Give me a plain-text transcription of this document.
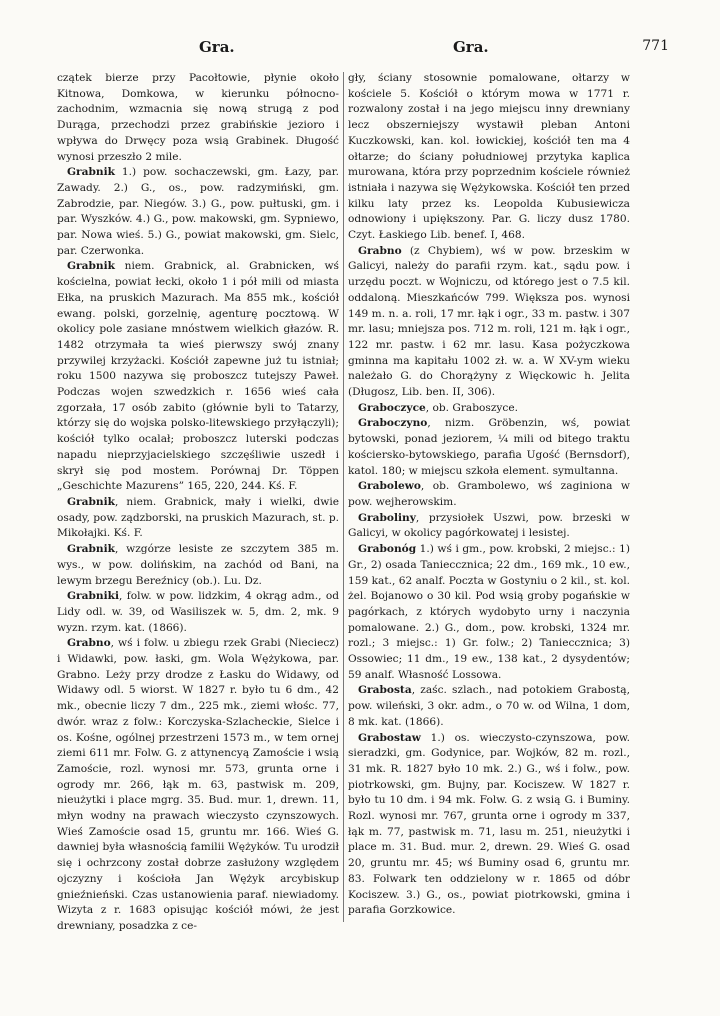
Gra.	Gra.	771

czątek bierze przy Pacołtowie, płynie około Kitnowa, Domkowa, w kierunku północno-zachodnim, wzmacnia się nową strugą z pod Durąga, przechodzi przez grabińskie jezioro i wpływa do Drwęcy poza wsią Grabinek. Długość wynosi przeszło 2 mile.

Grabnik 1.) pow. sochaczewski, gm. Łazy, par. Zawady. 2.) G., os., pow. radzymiński, gm. Zabrodzie, par. Niegów. 3.) G., pow. pułtuski, gm. i par. Wyszków. 4.) G., pow. makowski, gm. Sypniewo, par. Nowa wieś. 5.) G., powiat makowski, gm. Sielc, par. Czerwonka.

Grabnik niem. Grabnick, al. Grabnicken, wś kościelna, powiat łecki, około 1 i pół mili od miasta Ełka, na pruskich Mazurach. Ma 855 mk., kościół ewang. polski, gorzelnię, agenturę pocztową. W okolicy pole zasiane mnóstwem wielkich głazów. R. 1482 otrzymała ta wieś pierwszy swój znany przywilej krzyżacki. Kościół zapewne już tu istniał; roku 1500 nazywa się proboszcz tutejszy Paweł. Podczas wojen szwedzkich r. 1656 wieś cała zgorzała, 17 osób zabito (główniе byli to Tatarzy, którzy się do wojska polsko-litewskiego przyłączyli); kościół tylko ocalał; proboszcz luterski podczas napadu nieprzyjacielskiego szczęśliwie uszedł i skrył się pod mostem. Porównaj Dr. Töppen „Geschichte Mazurens” 165, 220, 244. Kś. F.

Grabnik, niem. Grabnick, mały i wielki, dwie osady, pow. ządzborski, na pruskich Mazurach, st. p. Mikołajki. Kś. F.

Grabnik, wzgórze lesiste ze szczytem 385 m. wys., w pow. dolińskim, na zachód od Bani, na lewym brzegu Bereźnicy (ob.). Lu. Dz.

Grabniki, folw. w pow. lidzkim, 4 okrąg adm., od Lidy odl. w. 39, od Wasiliszek w. 5, dm. 2, mk. 9 wyzn. rzym. kat. (1866).

Grabno, wś i folw. u zbiegu rzek Grabi (Nieciecz) i Widawki, pow. łaski, gm. Wola Wężykowa, par. Grabno. Leży przy drodze z Łasku do Widawy, od Widawy odl. 5 wiorst. W 1827 r. było tu 6 dm., 42 mk., obecnie liczy 7 dm., 225 mk., ziemi włośc. 77, dwór. wraz z folw.: Korczyska-Szlacheckie, Sielce i os. Kośne, ogólnej przestrzeni 1573 m., w tem ornej ziemi 611 mr. Folw. G. z attynencyą Zamoście i wsią Zamoście, rozl. wynosi mr. 573, grunta orne i ogrody mr. 266, łąk m. 63, pastwisk m. 209, nieużytki i place mgrg. 35. Bud. mur. 1, drewn. 11, młyn wodny na prawach wieczysto czynszowych. Wieś Zamoście osad 15, gruntu mr. 166. Wieś G. dawniej była własnością familii Wężyków. Tu urodził się i ochrzcony został dobrze zasłużony względem ojczyzny i kościoła Jan Wężyk arcybiskup gnieźnieński. Czas ustanowienia paraf. niewiadomy. Wizyta z r. 1683 opisując kościół mówi, że jest drewniany, posadzka z ce-

gły, ściany stosownie pomalowane, ołtarzy w kościele 5. Kościół o którym mowa w 1771 r. rozwalony został i na jego miejscu inny drewniany lecz obszerniejszy wystawił pleban Antoni Kuczkowski, kan. kol. łowickiej, kościół ten ma 4 ołtarze; do ściany południowej przytyka kaplica murowana, która przy poprzednim kościele również istniała i nazywa się Wężykowska. Kościół ten przed kilku laty przez ks. Leopolda Kubusiewicza odnowiony i upiększony. Par. G. liczy dusz 1780. Czyt. Łaskiego Lib. benef. I, 468.

Grabno (z Chybiem), wś w pow. brzeskim w Galicyi, należy do parafii rzym. kat., sądu pow. i urzędu poczt. w Wojniczu, od którego jest o 7.5 kil. oddaloną. Mieszkańców 799. Większa pos. wynosi 149 m. n. a. roli, 17 mr. łąk i ogr., 33 m. pastw. i 307 mr. lasu; mniejsza pos. 712 m. roli, 121 m. łąk i ogr., 122 mr. pastw. i 62 mr. lasu. Kasa pożyczkowa gminna ma kapitału 1002 zł. w. a. W XV-ym wieku należało G. do Chorążyny z Więckowic h. Jelita (Długosz, Lib. ben. II, 306).

Graboczyce, ob. Graboszyce.

Graboczyno, nizm. Gröbenzin, wś, powiat bytowski, ponad jeziorem, ¼ mili od bitego traktu kościersko-bytowskiego, parafia Ugość (Bernsdorf), katol. 180; w miejscu szkoła element. symultanna.

Grabolewo, ob. Grambolewo, wś zaginiona w pow. wejherowskim.

Grabоliny, przysiołek Uszwi, pow. brzeski w Galicyi, w okolicy pagórkowatej i lesistej.

Grabonóg 1.) wś i gm., pow. krobski, 2 miejsc.: 1) Gr., 2) osada Tanieccznica; 22 dm., 169 mk., 10 ew., 159 kat., 62 analf. Poczta w Gostyniu o 2 kil., st. kol. żel. Bojanowo o 30 kil. Pod wsią groby pogańskie w pagórkach, z których wydobyto urny i naczynia pomalowane. 2.) G., dom., pow. krobski, 1324 mr. rozl.; 3 miejsc.: 1) Gr. folw.; 2) Tanieccznica; 3) Ossowiec; 11 dm., 19 ew., 138 kat., 2 dysydentów; 59 analf. Własność Lossowa.

Grabosta, zaśc. szlach., nad potokiem Grabostą, pow. wileński, 3 okr. adm., o 70 w. od Wilna, 1 dom, 8 mk. kat. (1866).

Grabostaw 1.) os. wieczysto-czynszowa, pow. sieradzki, gm. Godynice, par. Wojków, 82 m. rozl., 31 mk. R. 1827 było 10 mk. 2.) G., wś i folw., pow. piotrkowski, gm. Bujny, par. Kociszew. W 1827 r. było tu 10 dm. i 94 mk. Folw. G. z wsią G. i Buminy. Rozl. wynosi mr. 767, grunta orne i ogrody m 337, łąk m. 77, pastwisk m. 71, lasu m. 251, nieużytki i place m. 31. Bud. mur. 2, drewn. 29. Wieś G. osad 20, gruntu mr. 45; wś Buminy osad 6, gruntu mr. 83. Folwark ten oddzielony w r. 1865 od dóbr Kociszew. 3.) G., os., powiat piotrkowski, gmina i parafia Gorzkowice.
